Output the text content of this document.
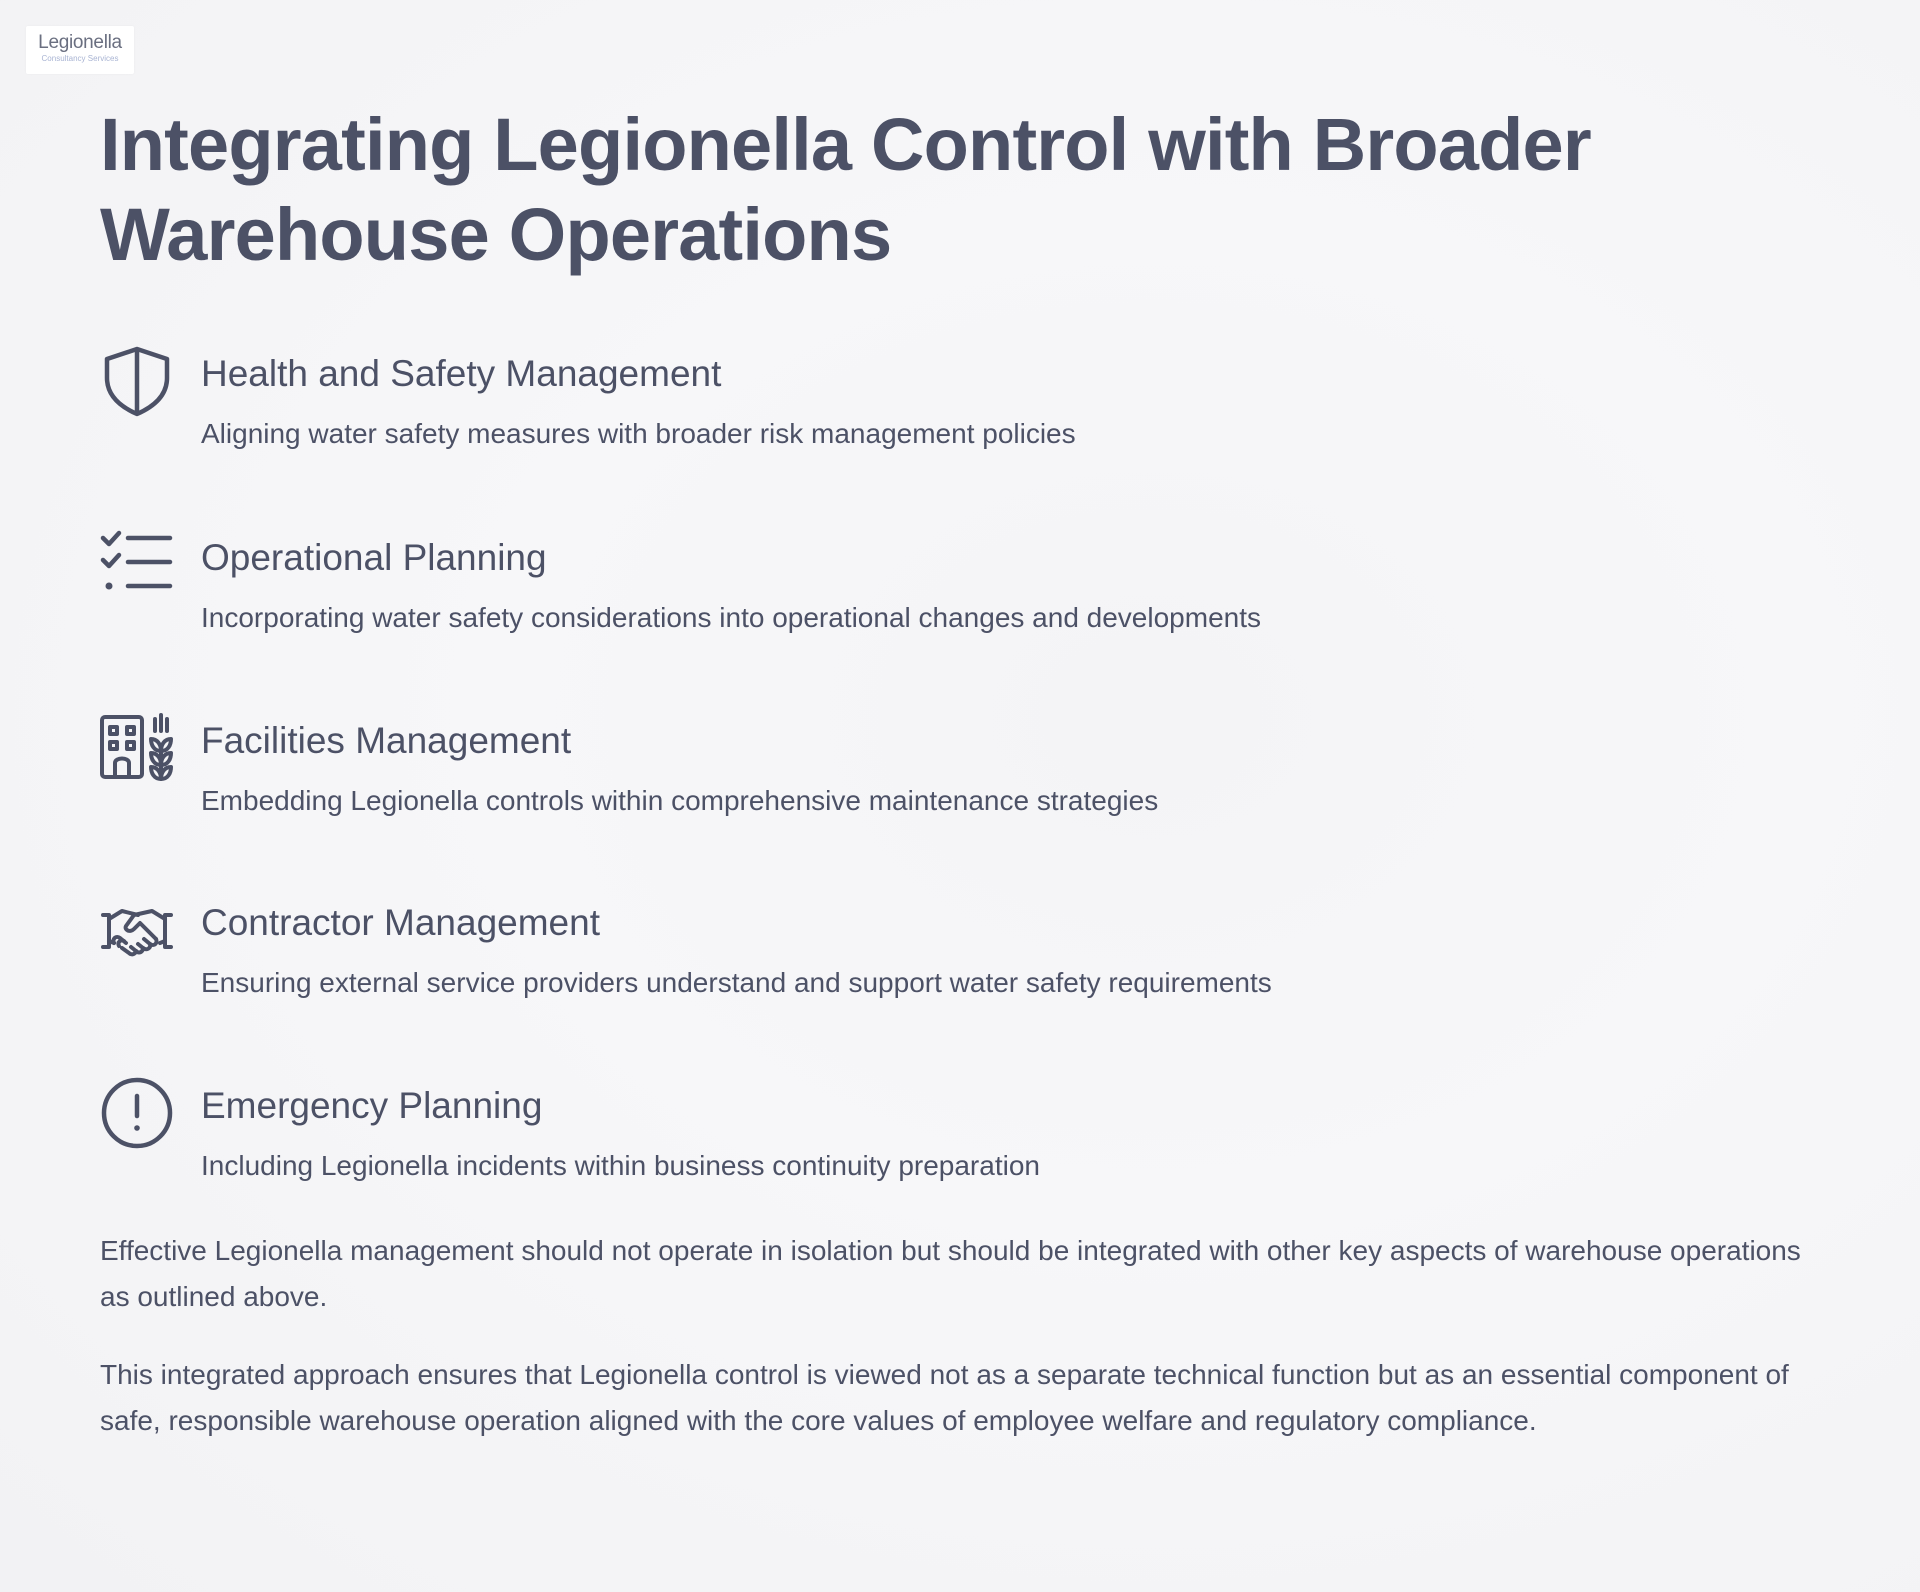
Legionella
Consultancy Services
Integrating Legionella Control with Broader Warehouse Operations
Health and Safety Management
Aligning water safety measures with broader risk management policies
Operational Planning
Incorporating water safety considerations into operational changes and developments
Facilities Management
Embedding Legionella controls within comprehensive maintenance strategies
Contractor Management
Ensuring external service providers understand and support water safety requirements
Emergency Planning
Including Legionella incidents within business continuity preparation

Effective Legionella management should not operate in isolation but should be integrated with other key aspects of warehouse operations as outlined above.

This integrated approach ensures that Legionella control is viewed not as a separate technical function but as an essential component of safe, responsible warehouse operation aligned with the core values of employee welfare and regulatory compliance.
